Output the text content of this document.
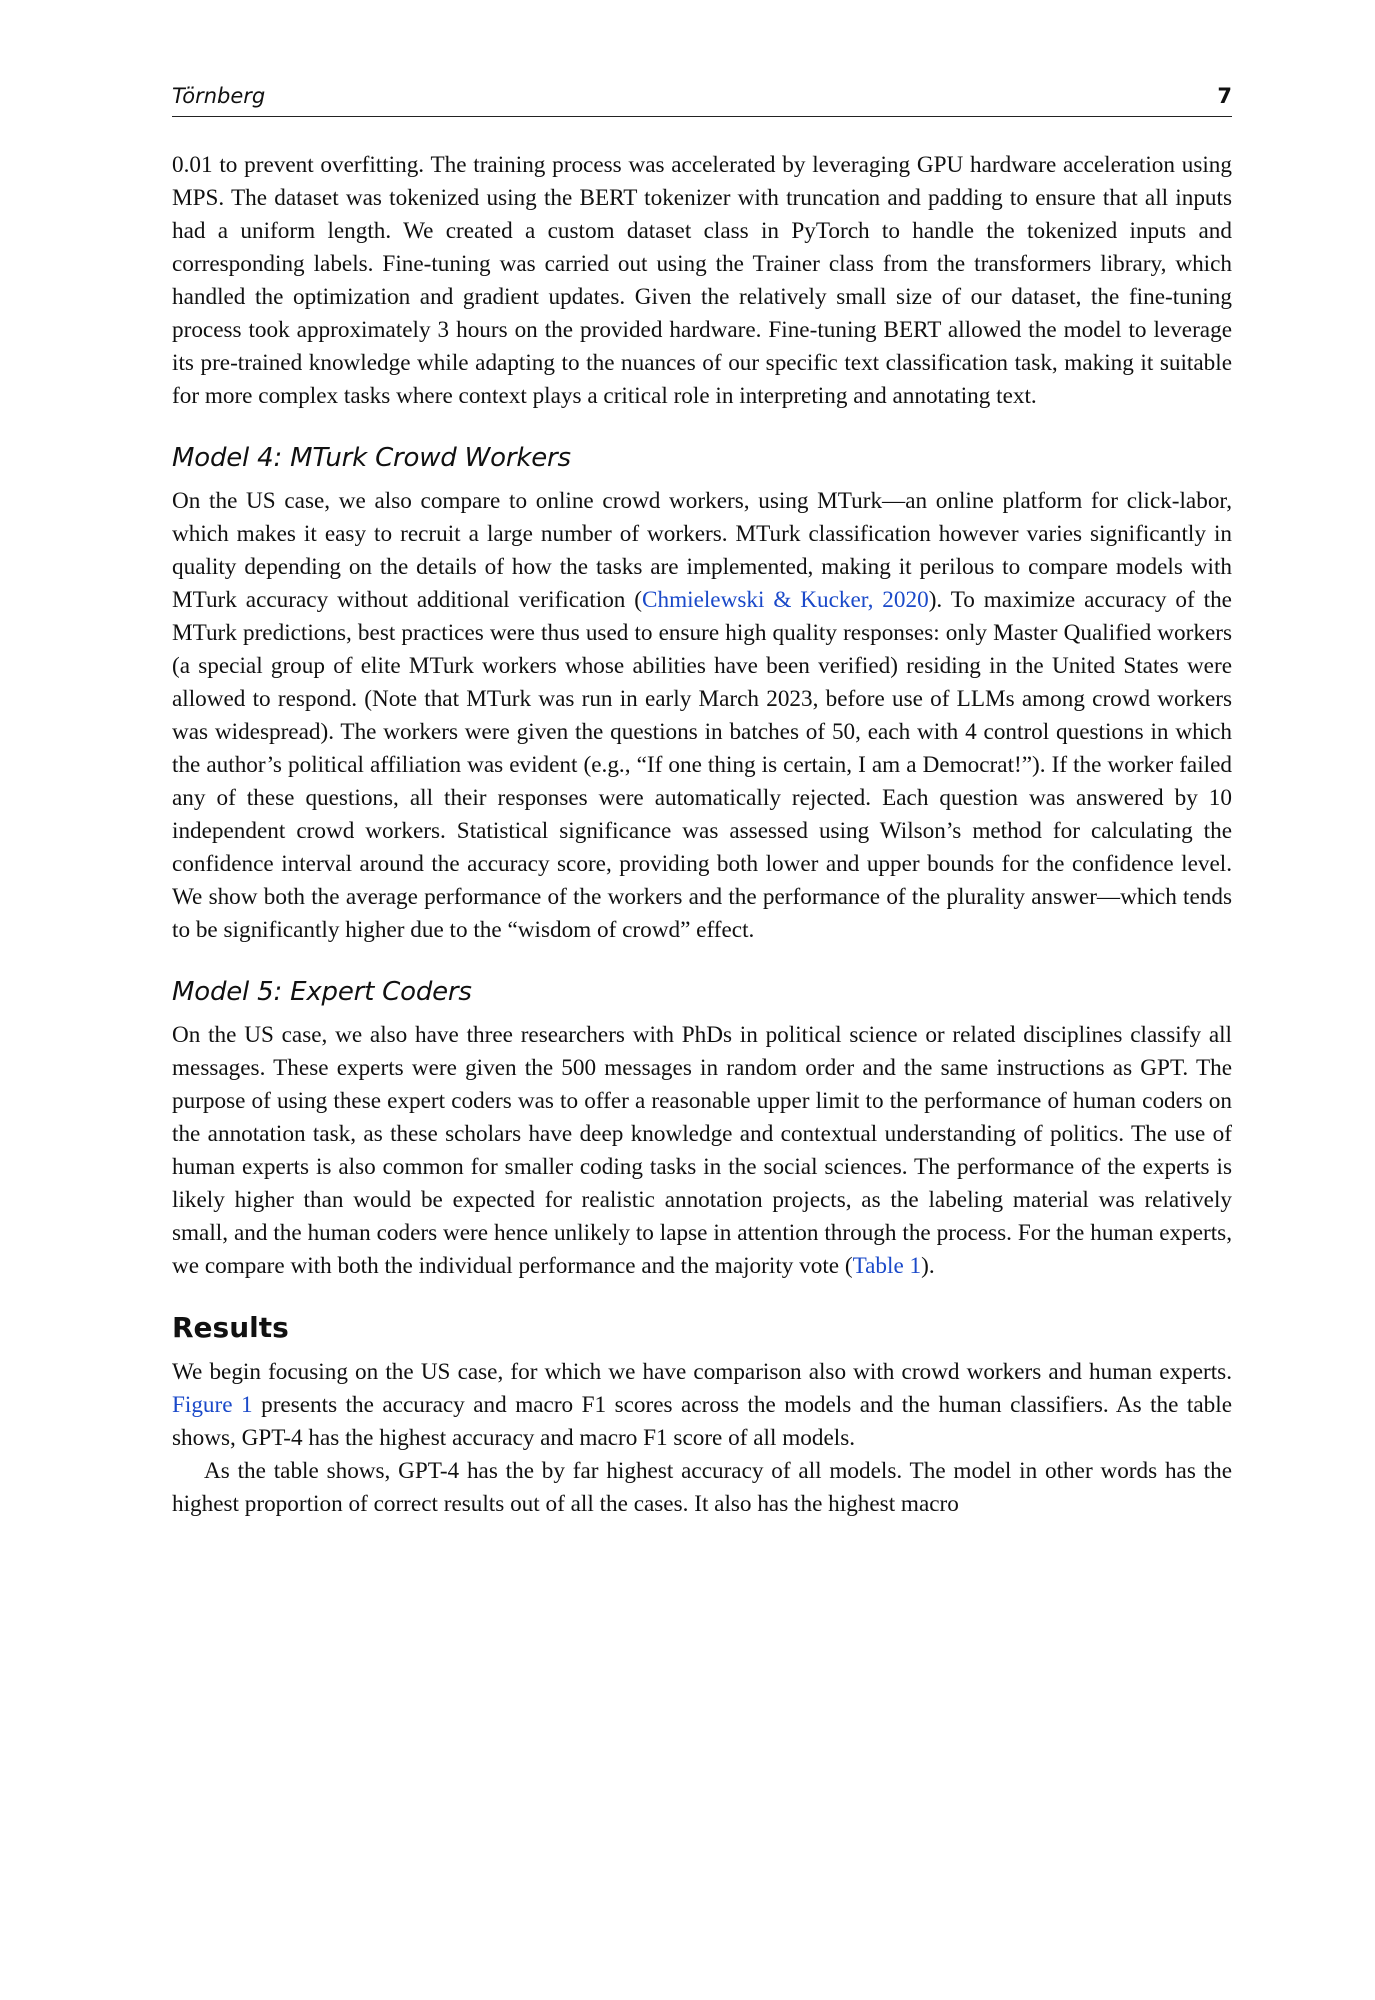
Törnberg	7

0.01 to prevent overfitting. The training process was accelerated by leveraging GPU hardware acceleration using MPS. The dataset was tokenized using the BERT tokenizer with truncation and padding to ensure that all inputs had a uniform length. We created a custom dataset class in PyTorch to handle the tokenized inputs and corresponding labels. Fine-tuning was carried out using the Trainer class from the transformers library, which handled the optimization and gradient updates. Given the relatively small size of our dataset, the fine-tuning process took approximately 3 hours on the provided hardware. Fine-tuning BERT allowed the model to leverage its pre-trained knowledge while adapting to the nuances of our specific text classification task, making it suitable for more complex tasks where context plays a critical role in interpreting and annotating text.

Model 4: MTurk Crowd Workers

On the US case, we also compare to online crowd workers, using MTurk—an online platform for click-labor, which makes it easy to recruit a large number of workers. MTurk classification however varies significantly in quality depending on the details of how the tasks are implemented, making it perilous to compare models with MTurk accuracy without additional verification (Chmielewski & Kucker, 2020). To maximize accuracy of the MTurk predictions, best practices were thus used to ensure high quality responses: only Master Qualified workers (a special group of elite MTurk workers whose abilities have been verified) residing in the United States were allowed to respond. (Note that MTurk was run in early March 2023, before use of LLMs among crowd workers was widespread). The workers were given the questions in batches of 50, each with 4 control questions in which the author’s political affiliation was evident (e.g., “If one thing is certain, I am a Democrat!”). If the worker failed any of these questions, all their responses were automatically rejected. Each question was answered by 10 independent crowd workers. Statistical significance was assessed using Wilson’s method for calculating the confidence interval around the accuracy score, providing both lower and upper bounds for the confidence level. We show both the average performance of the workers and the performance of the plurality answer—which tends to be significantly higher due to the “wisdom of crowd” effect.

Model 5: Expert Coders

On the US case, we also have three researchers with PhDs in political science or related disciplines classify all messages. These experts were given the 500 messages in random order and the same instructions as GPT. The purpose of using these expert coders was to offer a reasonable upper limit to the performance of human coders on the annotation task, as these scholars have deep knowledge and contextual understanding of politics. The use of human experts is also common for smaller coding tasks in the social sciences. The performance of the experts is likely higher than would be expected for realistic annotation projects, as the labeling material was relatively small, and the human coders were hence unlikely to lapse in attention through the process. For the human experts, we compare with both the individual performance and the majority vote (Table 1).

Results

We begin focusing on the US case, for which we have comparison also with crowd workers and human experts. Figure 1 presents the accuracy and macro F1 scores across the models and the human classifiers. As the table shows, GPT-4 has the highest accuracy and macro F1 score of all models.

As the table shows, GPT-4 has the by far highest accuracy of all models. The model in other words has the highest proportion of correct results out of all the cases. It also has the highest macro
